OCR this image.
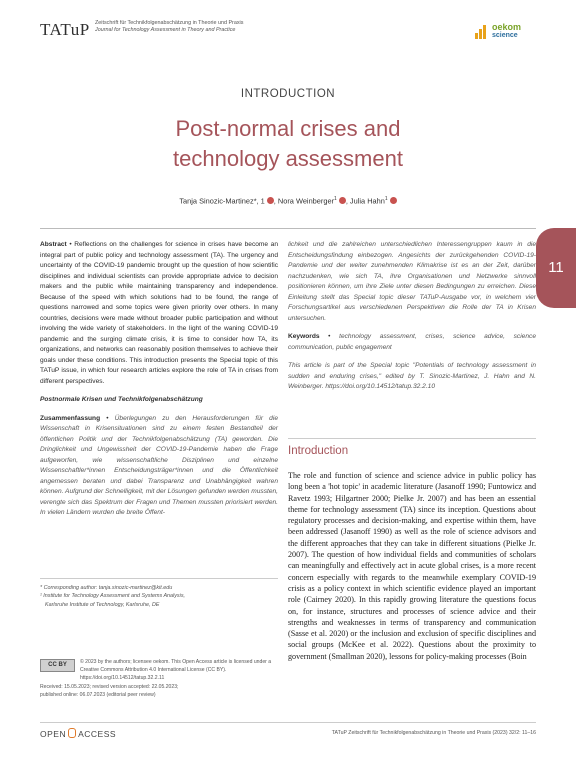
TATuP Zeitschrift für Technikfolgenabschätzung in Theorie und Praxis
Journal for Technology Assessment in Theory and Practice	oekom
science
INTRODUCTION
Post-normal crises and
technology assessment
Tanja Sinozic-Martinez*, 1 , Nora Weinberger$^1$ , Julia Hahn$^1$
11
Abstract • Reflections on the challenges for science in crises have become an integral part of public policy and technology assessment (TA). The urgency and uncertainty of the COVID-19 pandemic brought up the question of how scientific disciplines and individual scientists can provide appropriate advice to decision makers and the public while maintaining transparency and independence. Because of the speed with which solutions had to be found, the range of questions narrowed and some topics were given priority over others. In many countries, decisions were made without broader public participation and without involving the wide variety of stakeholders. In the light of the waning COVID-19 pandemic and the surging climate crisis, it is time to consider how TA, its organizations, and networks can reasonably position themselves to achieve their goals under these conditions. This introduction presents the Special topic of this TATuP issue, in which four research articles explore the role of TA in crises from different perspectives.
Postnormale Krisen und Technikfolgenabschätzung
Zusammenfassung • Überlegungen zu den Herausforderungen für die Wissenschaft in Krisensituationen sind zu einem festen Bestandteil der öffentlichen Politik und der Technikfolgenabschätzung (TA) geworden. Die Dringlichkeit und Ungewissheit der COVID-19-Pandemie haben die Frage aufgeworfen, wie wissenschaftliche Disziplinen und einzelne Wissenschaftler*innen Entscheidungsträger*innen und die Öffentlichkeit angemessen beraten und dabei Transparenz und Unabhängigkeit wahren können. Aufgrund der Schnelligkeit, mit der Lösungen gefunden werden mussten, verengte sich das Spektrum der Fragen und Themen mussten priorisiert werden. In vielen Ländern wurden die breite Öffent-
lichkeit und die zahlreichen unterschiedlichen Interessengruppen kaum in die Entscheidungsfindung einbezogen. Angesichts der zurückgehenden COVID-19-Pandemie und der weiter zunehmenden Klimakrise ist es an der Zeit, darüber nachzudenken, wie sich TA, ihre Organisationen und Netzwerke sinnvoll positionieren können, um ihre Ziele unter diesen Bedingungen zu erreichen. Diese Einleitung stellt das Special topic dieser TATuP-Ausgabe vor, in welchem vier Forschungsartikel aus verschiedenen Perspektiven die Rolle der TA in Krisen untersuchen.
Keywords • technology assessment, crises, science advice, science communication, public engagement
This article is part of the Special topic "Potentials of technology assessment in sudden and enduring crises," edited by T. Sinozic-Martinez, J. Hahn and N. Weinberger. https://doi.org/10.14512/tatup.32.2.10
Introduction
The role and function of science and science advice in public policy has long been a 'hot topic' in academic literature (Jasanoff 1990; Funtowicz and Ravetz 1993; Hilgartner 2000; Pielke Jr. 2007) and has been an essential theme for technology assessment (TA) since its inception. Questions about regulatory processes and decision-making, and expertise within them, have been addressed (Jasanoff 1990) as well as the role of science advisors and the different approaches that they can take in different situations (Pielke Jr. 2007). The question of how individual fields and communities of scholars can meaningfully and effectively act in acute global crises, is a more recent concern especially with regards to the meanwhile exemplary COVID-19 crisis as a policy context in which scientific evidence played an important role (Cairney 2020). In this rapidly growing literature the questions focus on, for instance, structures and processes of science advice and their strengths and weaknesses in terms of transparency and communication (Sasse et al. 2020) or the inclusion and exclusion of specific disciplines and social groups (McKee et al. 2022). Questions about the proximity to government (Smallman 2020), lessons for policy-making processes (Boin
* Corresponding author: tanja.sinozic-martinez@kit.edu
¹ Institute for Technology Assessment and Systems Analysis,
Karlsruhe Institute of Technology, Karlsruhe, DE
CC BY	© 2023 by the authors; licensee oekom. This Open Access article is licensed under a Creative Commons Attribution 4.0 International License (CC BY). https://doi.org/10.14512/tatup.32.2.11
Received: 15.05.2023; revised version accepted: 22.05.2023;
published online: 06.07.2023 (editorial peer review)
OPEN ACCESS	TATuP Zeitschrift für Technikfolgenabschätzung in Theorie und Praxis (2023) 32/2: 11–16
